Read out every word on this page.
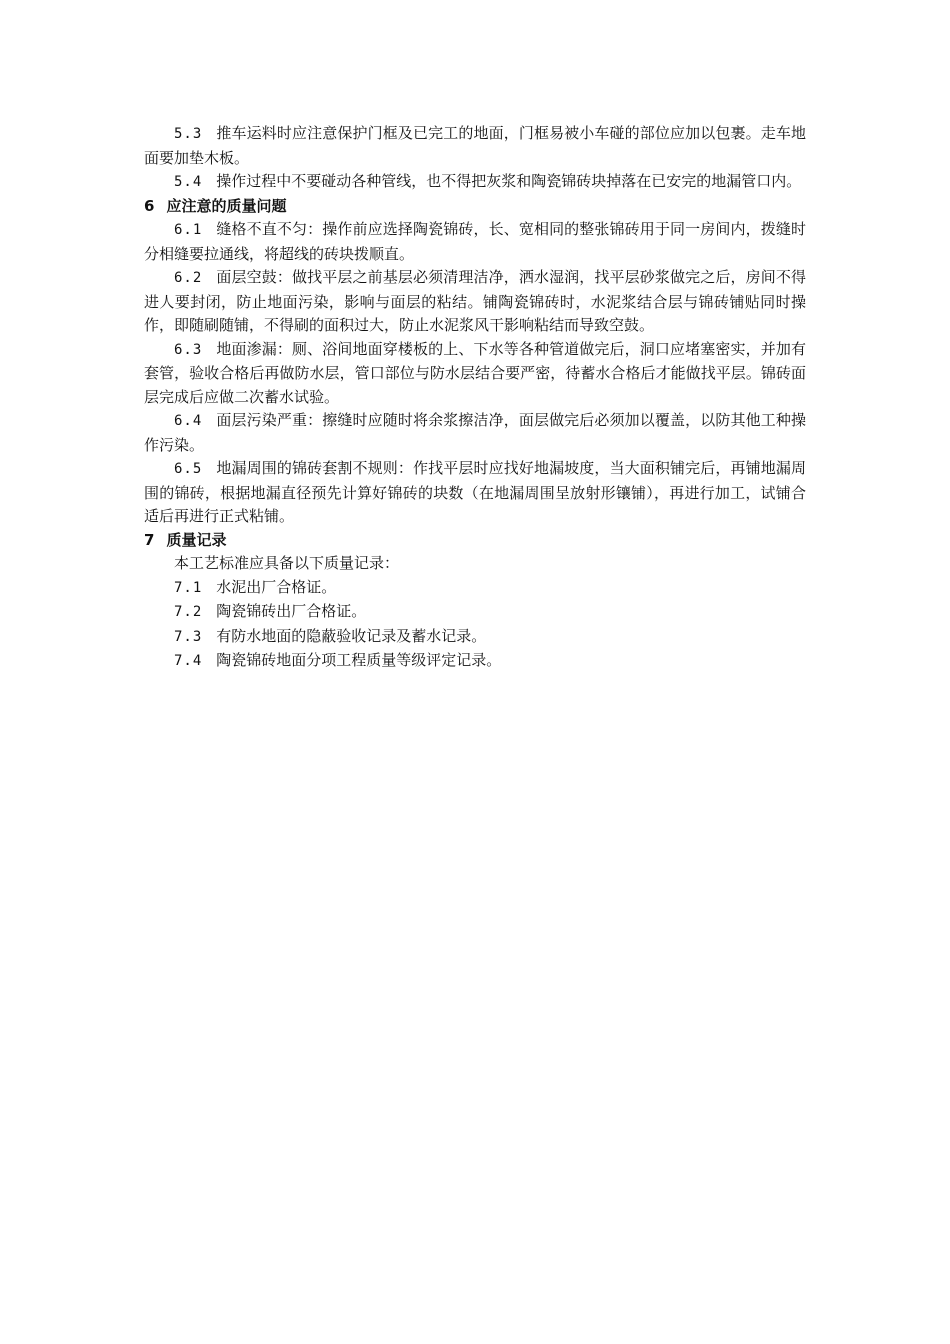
5.3 推车运料时应注意保护门框及已完工的地面，门框易被小车碰的部位应加以包裹。走车地面要加垫木板。

5.4 操作过程中不要碰动各种管线，也不得把灰浆和陶瓷锦砖块掉落在已安完的地漏管口内。

6 应注意的质量问题

6.1 缝格不直不匀：操作前应选择陶瓷锦砖，长、宽相同的整张锦砖用于同一房间内，拨缝时分相缝要拉通线，将超线的砖块拨顺直。

6.2 面层空鼓：做找平层之前基层必须清理洁净，洒水湿润，找平层砂浆做完之后，房间不得进人要封闭，防止地面污染，影响与面层的粘结。铺陶瓷锦砖时，水泥浆结合层与锦砖铺贴同时操作，即随刷随铺，不得刷的面积过大，防止水泥浆风干影响粘结而导致空鼓。

6.3 地面渗漏：厕、浴间地面穿楼板的上、下水等各种管道做完后，洞口应堵塞密实，并加有套管，验收合格后再做防水层，管口部位与防水层结合要严密，待蓄水合格后才能做找平层。锦砖面层完成后应做二次蓄水试验。

6.4 面层污染严重：擦缝时应随时将余浆擦洁净，面层做完后必须加以覆盖，以防其他工种操作污染。

6.5 地漏周围的锦砖套割不规则：作找平层时应找好地漏坡度，当大面积铺完后，再铺地漏周围的锦砖，根据地漏直径预先计算好锦砖的块数（在地漏周围呈放射形镶铺），再进行加工，试铺合适后再进行正式粘铺。

7 质量记录

本工艺标准应具备以下质量记录：

7.1 水泥出厂合格证。

7.2 陶瓷锦砖出厂合格证。

7.3 有防水地面的隐蔽验收记录及蓄水记录。

7.4 陶瓷锦砖地面分项工程质量等级评定记录。
